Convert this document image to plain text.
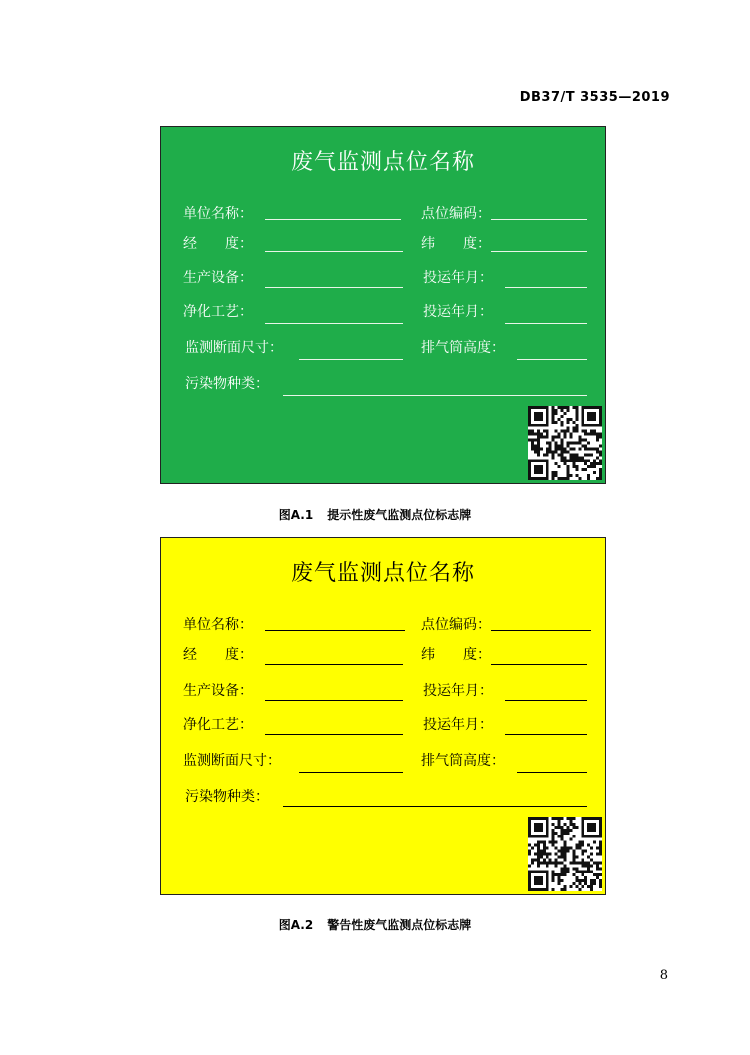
DB37/T 3535—2019
废气监测点位名称
单位名称：	点位编码：
经　　度：	纬　　度：
生产设备：	投运年月：
净化工艺：	投运年月：
监测断面尺寸：	排气筒高度：
污染物种类：
图A.1 提示性废气监测点位标志牌
废气监测点位名称
单位名称：	点位编码：
经　　度：	纬　　度：
生产设备：	投运年月：
净化工艺：	投运年月：
监测断面尺寸：	排气筒高度：
污染物种类：
图A.2 警告性废气监测点位标志牌
8
